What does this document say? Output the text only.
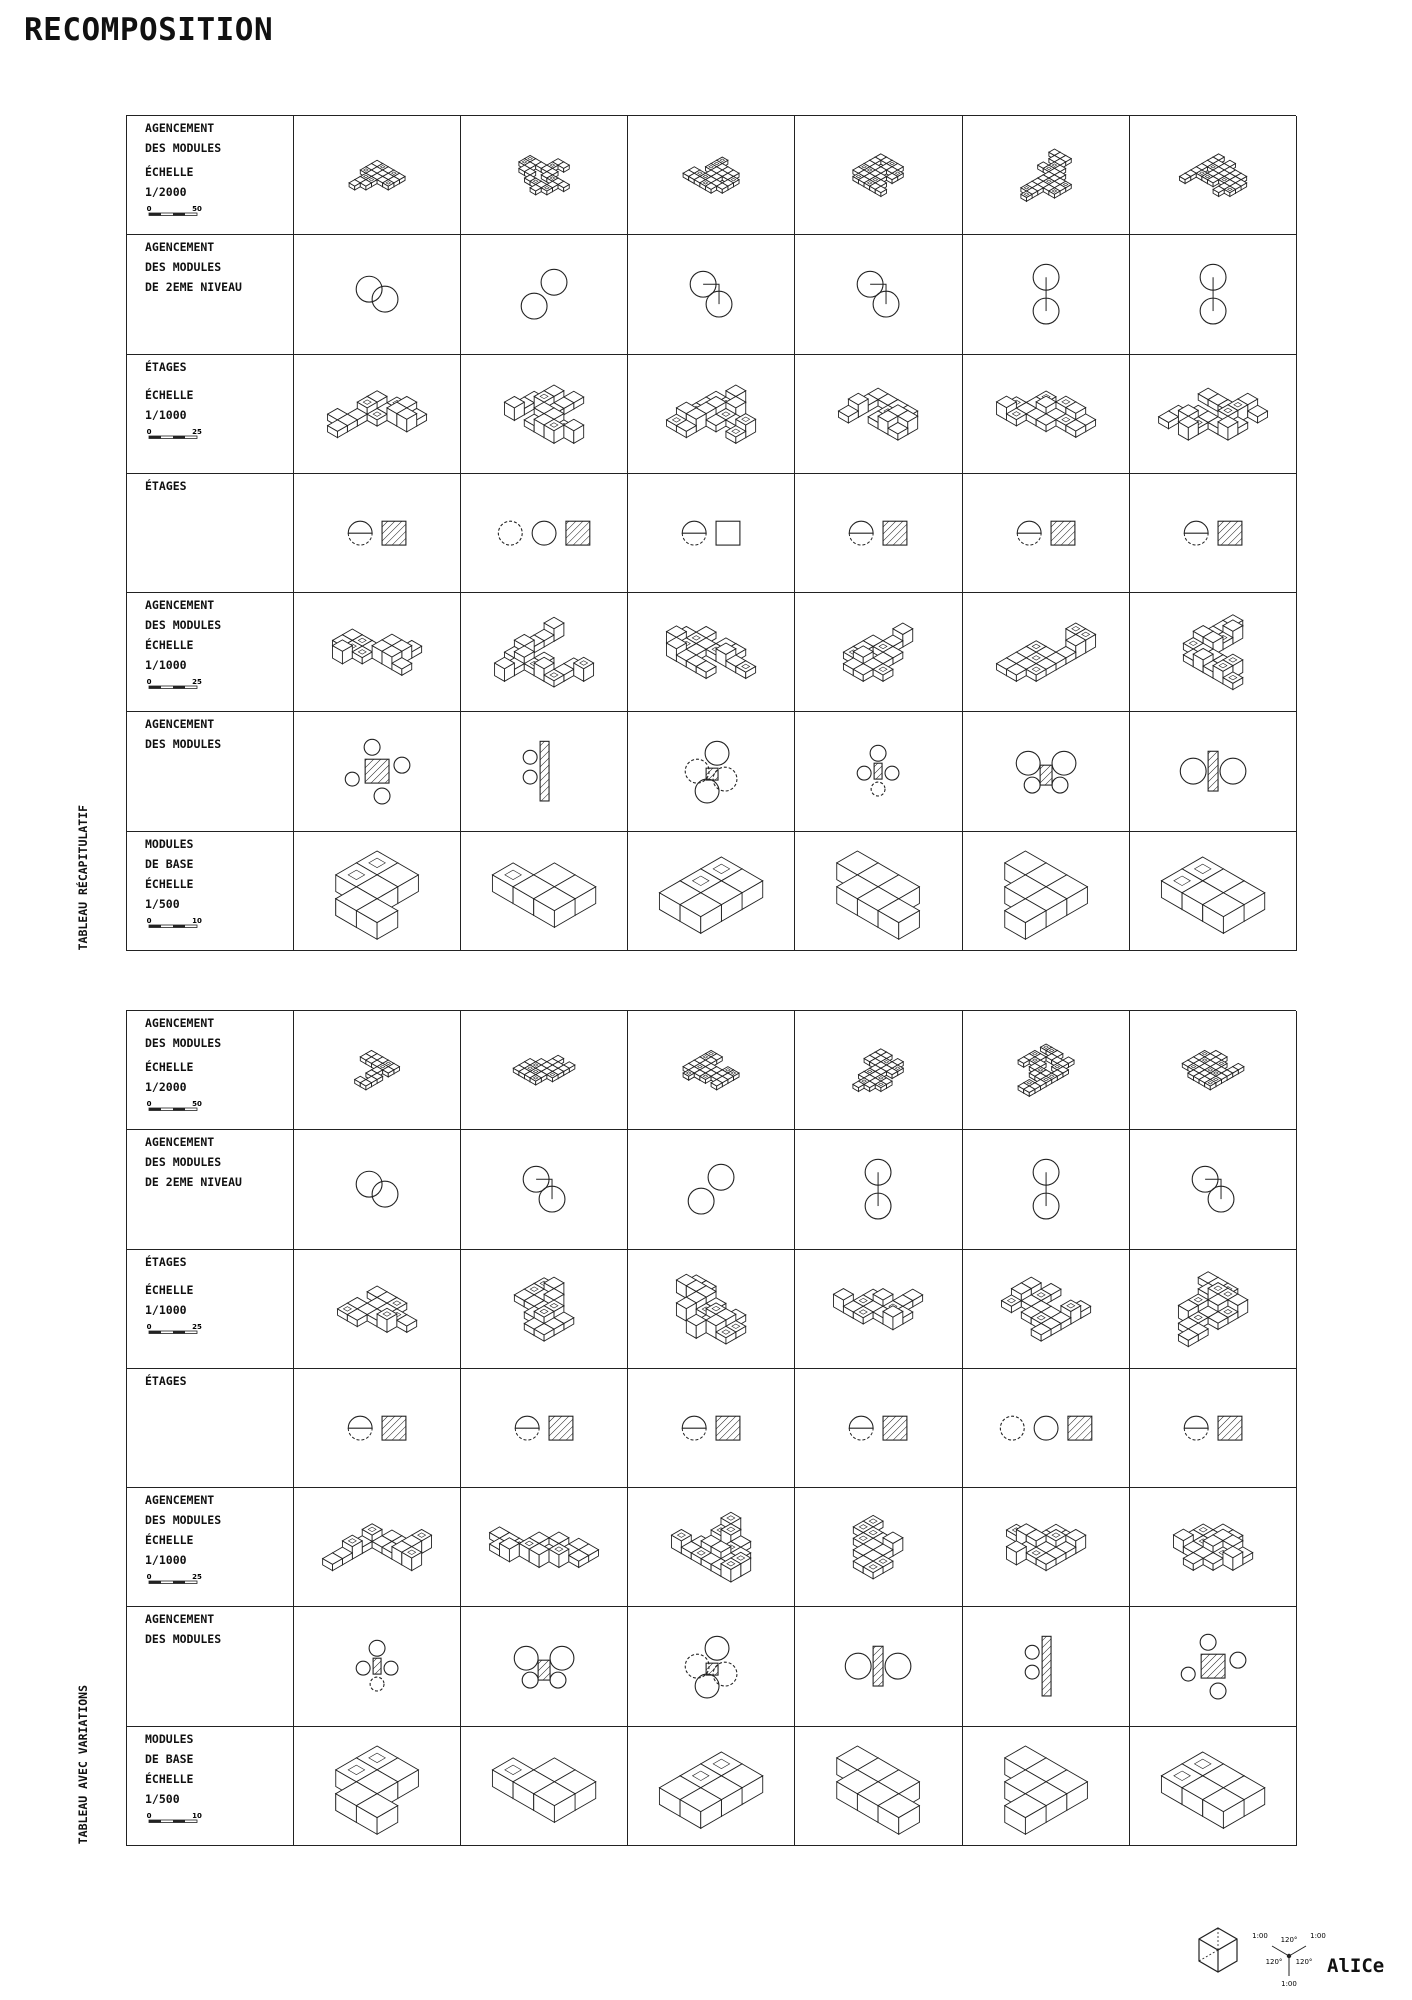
RECOMPOSITION
TABLEAU RÉCAPITULATIF
TABLEAU AVEC VARIATIONS
AGENCEMENT
DES MODULES
ÉCHELLE
1/2000
0	50
AGENCEMENT
DES MODULES
DE 2EME NIVEAU
ÉTAGES
ÉCHELLE
1/1000
0	25
ÉTAGES
AGENCEMENT
DES MODULES
ÉCHELLE
1/1000
0	25
AGENCEMENT
DES MODULES
MODULES
DE BASE
ÉCHELLE
1/500
0	10
AGENCEMENT
DES MODULES
ÉCHELLE
1/2000
0	50
AGENCEMENT
DES MODULES
DE 2EME NIVEAU
ÉTAGES
ÉCHELLE
1/1000
0	25
ÉTAGES
AGENCEMENT
DES MODULES
ÉCHELLE
1/1000
0	25
AGENCEMENT
DES MODULES
MODULES
DE BASE
ÉCHELLE
1/500
0	10
120°
120° 120°
1:00	1:00
1:00
AlICe
